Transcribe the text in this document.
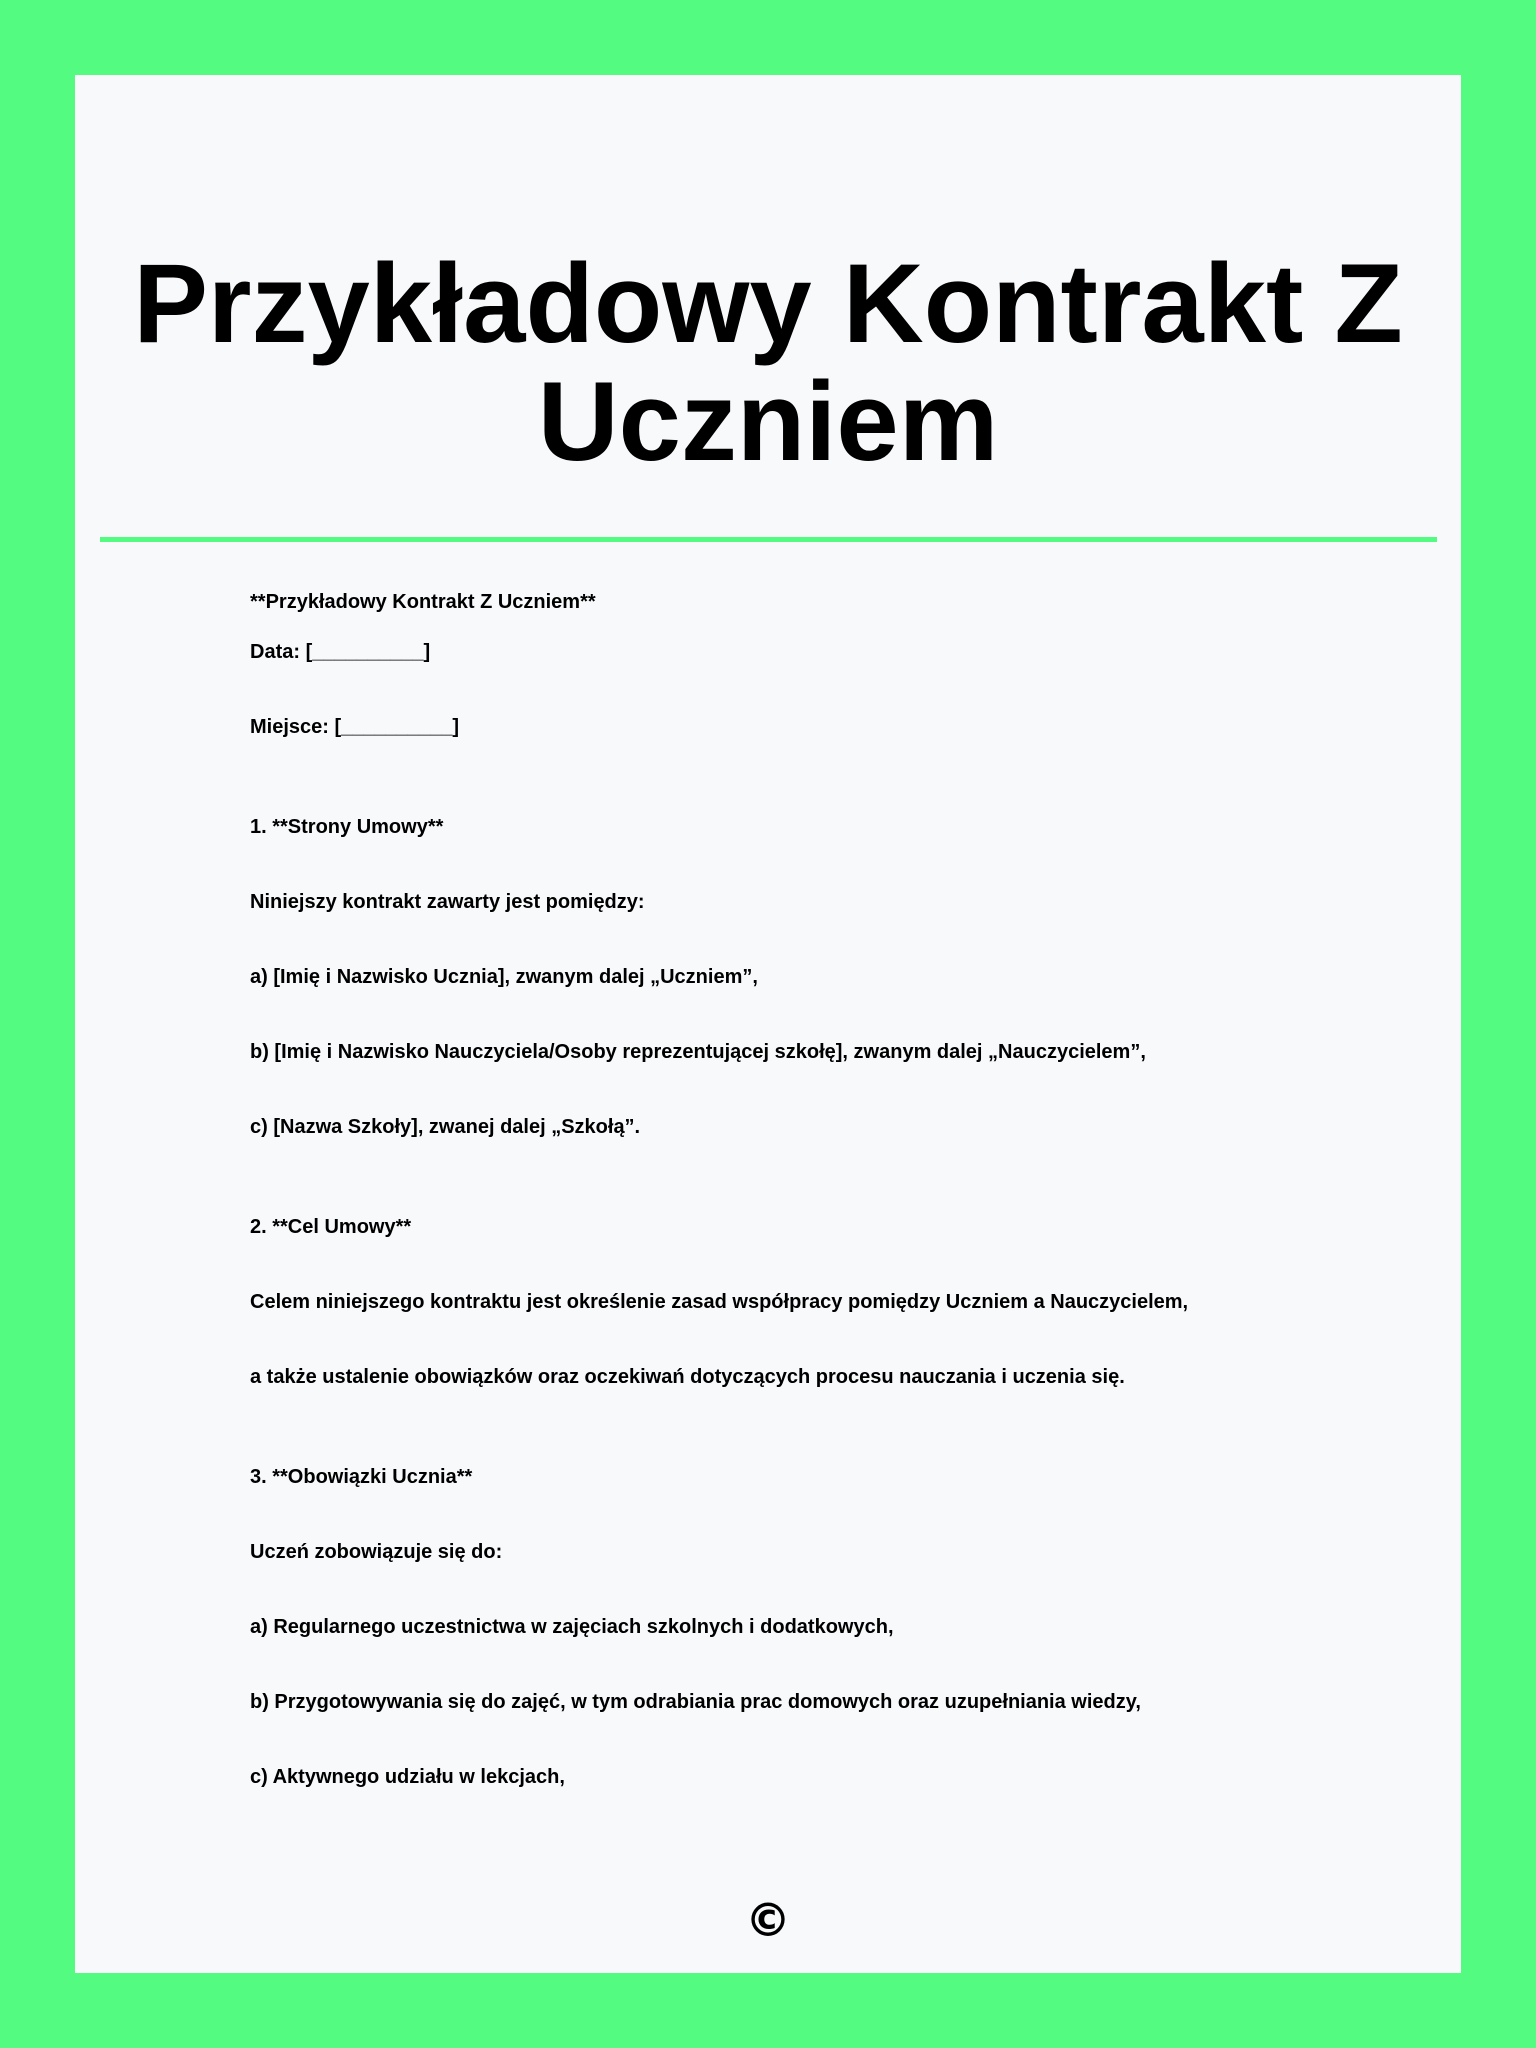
Przykładowy Kontrakt Z Uczniem

**Przykładowy Kontrakt Z Uczniem**

Data: [__________]

Miejsce: [__________]

1. **Strony Umowy**

Niniejszy kontrakt zawarty jest pomiędzy:

a) [Imię i Nazwisko Ucznia], zwanym dalej „Uczniem”,

b) [Imię i Nazwisko Nauczyciela/Osoby reprezentującej szkołę], zwanym dalej „Nauczycielem”,

c) [Nazwa Szkoły], zwanej dalej „Szkołą”.

2. **Cel Umowy**

Celem niniejszego kontraktu jest określenie zasad współpracy pomiędzy Uczniem a Nauczycielem,

a także ustalenie obowiązków oraz oczekiwań dotyczących procesu nauczania i uczenia się.

3. **Obowiązki Ucznia**

Uczeń zobowiązuje się do:

a) Regularnego uczestnictwa w zajęciach szkolnych i dodatkowych,

b) Przygotowywania się do zajęć, w tym odrabiania prac domowych oraz uzupełniania wiedzy,

c) Aktywnego udziału w lekcjach,

©
